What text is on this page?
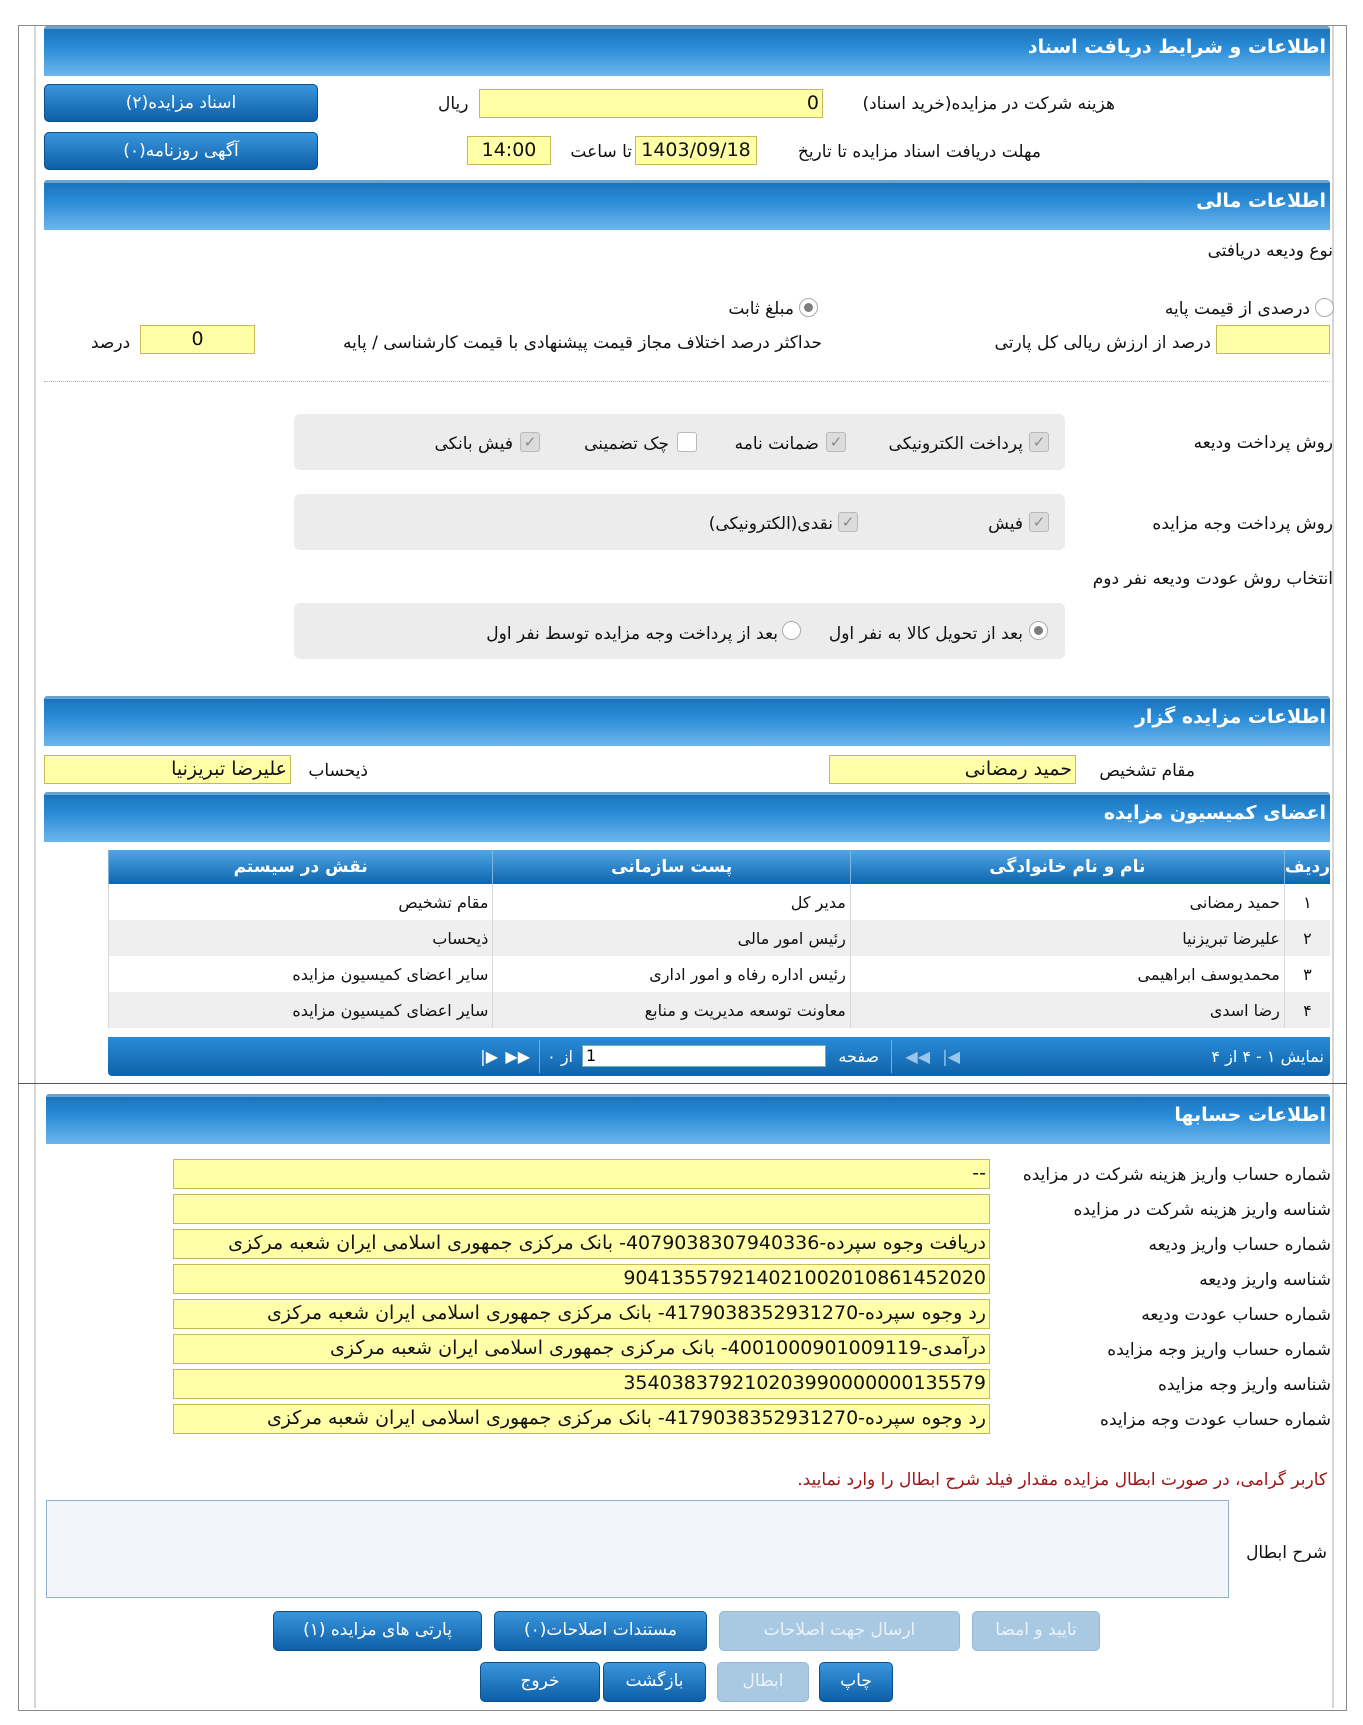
اطلاعات و شرایط دریافت اسناد
اسناد مزایده(۲)
آگهی روزنامه(۰)
هزینه شرکت در مزایده(خرید اسناد)
0
ریال
مهلت دریافت اسناد مزایده تا تاریخ
1403/09/18
تا ساعت
14:00
اطلاعات مالی
نوع ودیعه دریافتی
درصدی از قیمت پایه
مبلغ ثابت
درصد از ارزش ریالی کل پارتی
حداکثر درصد اختلاف مجاز قیمت پیشنهادی با قیمت کارشناسی / پایه
0
درصد
روش پرداخت ودیعه
✓
پرداخت الکترونیکی
✓
ضمانت نامه
چک تضمینی
✓
فیش بانکی
روش پرداخت وجه مزایده
✓
فیش
✓
نقدی(الکترونیکی)
انتخاب روش عودت ودیعه نفر دوم
بعد از تحویل کالا به نفر اول
بعد از پرداخت وجه مزایده توسط نفر اول
اطلاعات مزایده گزار
مقام تشخیص
حمید رمضانی
ذیحساب
علیرضا تبریزنیا
اعضای کمیسیون مزایده
ردیف	نام و نام خانوادگی	پست سازمانی	نقش در سیستم
۱	حمید رمضانی	مدیر کل	مقام تشخیص
۲	علیرضا تبریزنیا	رئیس امور مالی	ذیحساب
۳	محمدیوسف ابراهیمی	رئیس اداره رفاه و امور اداری	سایر اعضای کمیسیون مزایده
۴	رضا اسدی	معاونت توسعه مدیریت و منابع	سایر اعضای کمیسیون مزایده
نمایش ۱ - ۴ از ۴
◀|
◀◀
صفحه
1
از ۰
▶▶
▶|
اطلاعات حسابها
شماره حساب واریز هزینه شرکت در مزایده
--
شناسه واریز هزینه شرکت در مزایده
شماره حساب واریز ودیعه
دریافت وجوه سپرده-4079038307940336- بانک مرکزی جمهوری اسلامی ایران شعبه مرکزی
شناسه واریز ودیعه
904135579214021002010861452020
شماره حساب عودت ودیعه
رد وجوه سپرده-4179038352931270- بانک مرکزی جمهوری اسلامی ایران شعبه مرکزی
شماره حساب واریز وجه مزایده
درآمدی-4001000901009119- بانک مرکزی جمهوری اسلامی ایران شعبه مرکزی
شناسه واریز وجه مزایده
354038379210203990000000135579
شماره حساب عودت وجه مزایده
رد وجوه سپرده-4179038352931270- بانک مرکزی جمهوری اسلامی ایران شعبه مرکزی
کاربر گرامی، در صورت ابطال مزایده مقدار فیلد شرح ابطال را وارد نمایید.
شرح ابطال
تایید و امضا
ارسال جهت اصلاحات
مستندات اصلاحات(۰)
پارتی های مزایده (۱)
چاپ
ابطال
بازگشت
خروج
